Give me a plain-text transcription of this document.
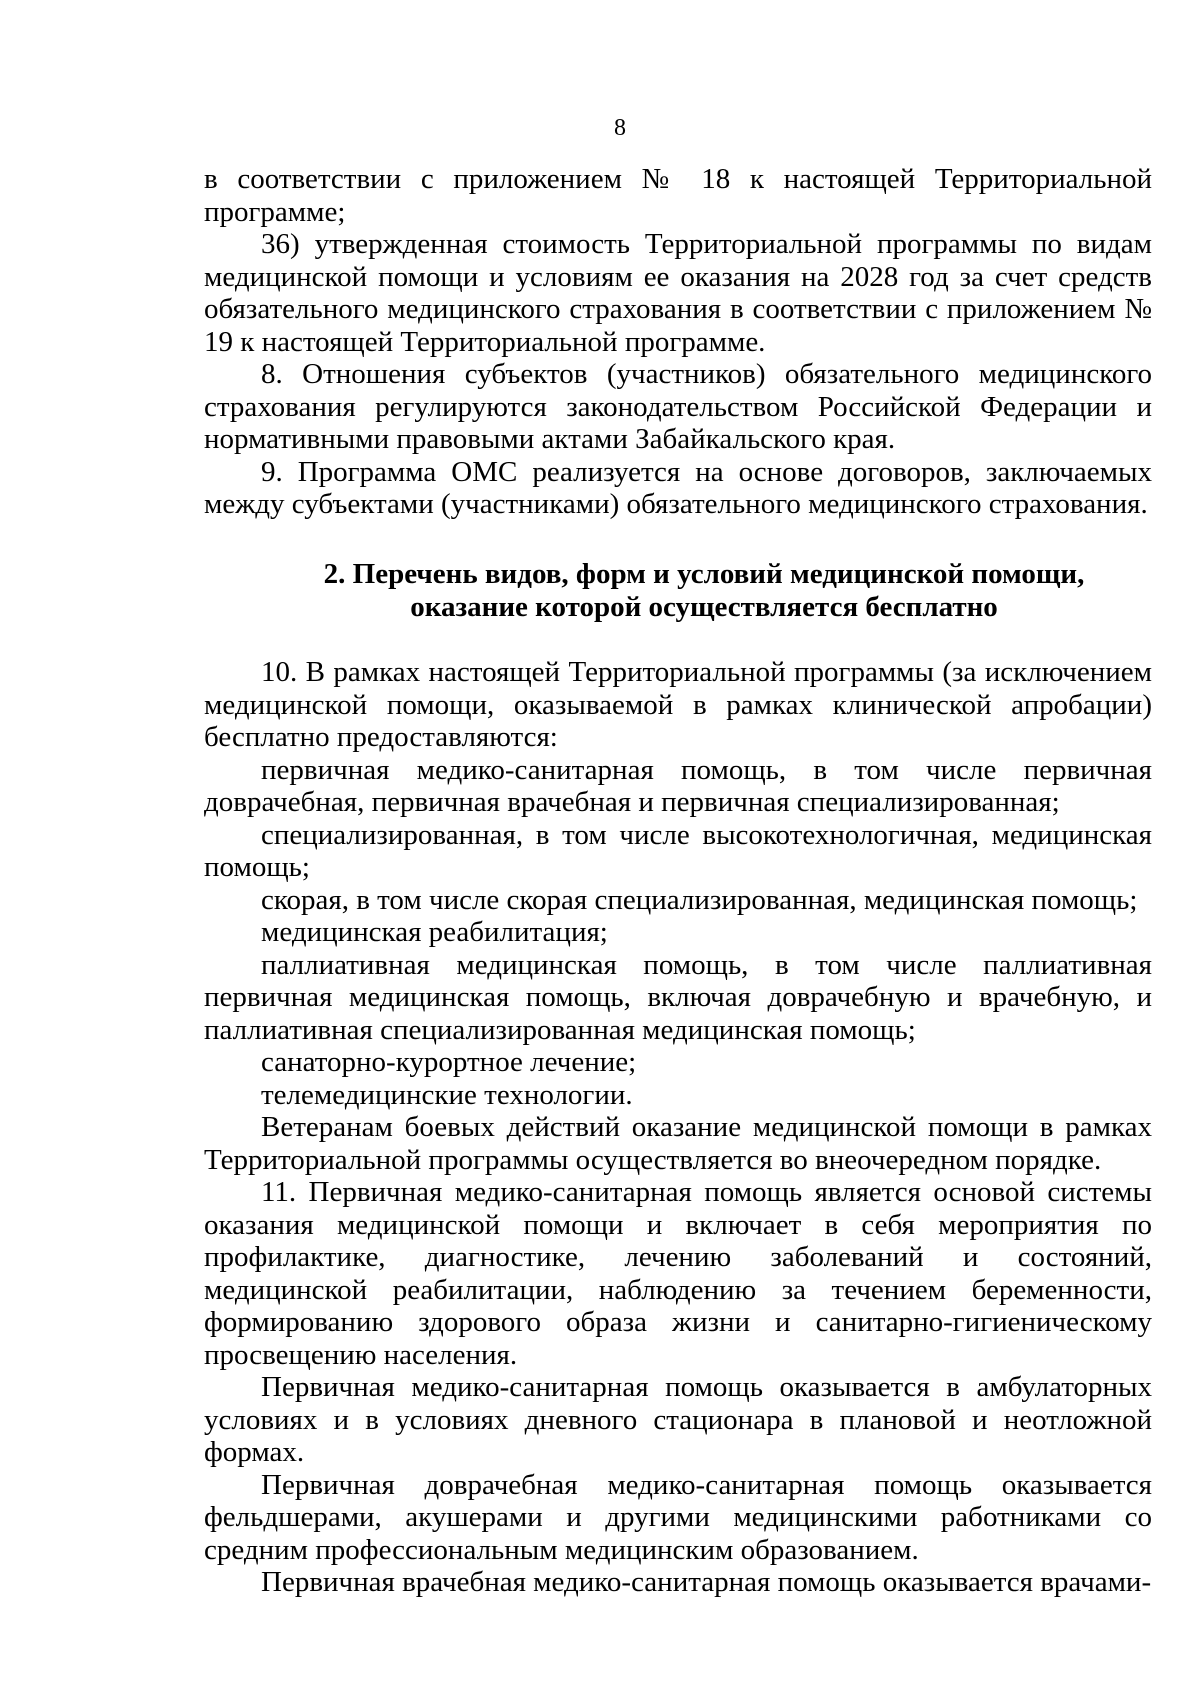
8

в соответствии с приложением № 18 к настоящей Территориальной программе;

36) утвержденная стоимость Территориальной программы по видам медицинской помощи и условиям ее оказания на 2028 год за счет средств обязательного медицинского страхования в соответствии с приложением № 19 к настоящей Территориальной программе.

8. Отношения субъектов (участников) обязательного медицинского страхования регулируются законодательством Российской Федерации и нормативными правовыми актами Забайкальского края.

9. Программа ОМС реализуется на основе договоров, заключаемых между субъектами (участниками) обязательного медицинского страхования.

2. Перечень видов, форм и условий медицинской помощи,

оказание которой осуществляется бесплатно

10. В рамках настоящей Территориальной программы (за исключением медицинской помощи, оказываемой в рамках клинической апробации) бесплатно предоставляются:

первичная медико-санитарная помощь, в том числе первичная доврачебная, первичная врачебная и первичная специализированная;

специализированная, в том числе высокотехнологичная, медицинская помощь;

скорая, в том числе скорая специализированная, медицинская помощь;

медицинская реабилитация;

паллиативная медицинская помощь, в том числе паллиативная первичная медицинская помощь, включая доврачебную и врачебную, и паллиативная специализированная медицинская помощь;

санаторно-курортное лечение;

телемедицинские технологии.

Ветеранам боевых действий оказание медицинской помощи в рамках Территориальной программы осуществляется во внеочередном порядке.

11. Первичная медико-санитарная помощь является основой системы оказания медицинской помощи и включает в себя мероприятия по профилактике, диагностике, лечению заболеваний и состояний, медицинской реабилитации, наблюдению за течением беременности, формированию здорового образа жизни и санитарно-гигиеническому просвещению населения.

Первичная медико-санитарная помощь оказывается в амбулаторных условиях и в условиях дневного стационара в плановой и неотложной формах.

Первичная доврачебная медико-санитарная помощь оказывается фельдшерами, акушерами и другими медицинскими работниками со средним профессиональным медицинским образованием.

Первичная врачебная медико-санитарная помощь оказывается врачами-
